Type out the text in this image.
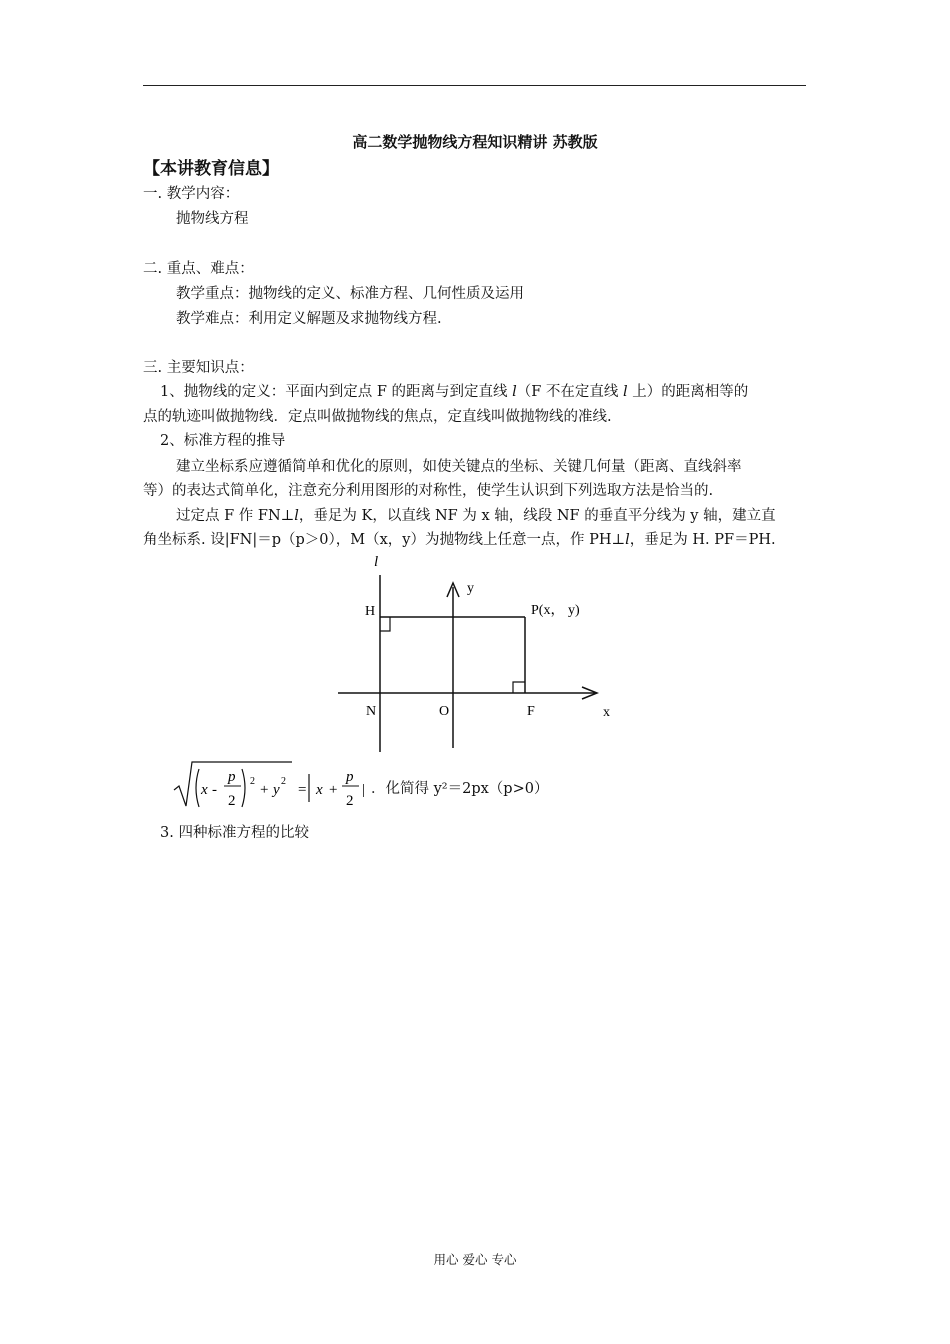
高二数学抛物线方程知识精讲 苏教版
【本讲教育信息】
一. 教学内容：
抛物线方程
二. 重点、难点：
教学重点：抛物线的定义、标准方程、几何性质及运用
教学难点：利用定义解题及求抛物线方程.
三. 主要知识点：
1、抛物线的定义：平面内到定点 F 的距离与到定直线 l（F 不在定直线 l 上）的距离相等的
点的轨迹叫做抛物线．定点叫做抛物线的焦点，定直线叫做抛物线的准线.
2、标准方程的推导
建立坐标系应遵循简单和优化的原则，如使关键点的坐标、关键几何量（距离、直线斜率
等）的表达式简单化，注意充分利用图形的对称性，使学生认识到下列选取方法是恰当的.
过定点 F 作 FN⊥l，垂足为 K，以直线 NF 为 x 轴，线段 NF 的垂直平分线为 y 轴，建立直
角坐标系. 设|FN|＝p（p＞0），M（x，y）为抛物线上任意一点，作 PH⊥l，垂足为 H. PF＝PH.
l
y
H	P(x， y)
N	O	F	x
x -
p
2
2
+ y
2
= x +
p
2
| ．化简得 y²＝2px（p>0）
3. 四种标准方程的比较
用心 爱心 专心
